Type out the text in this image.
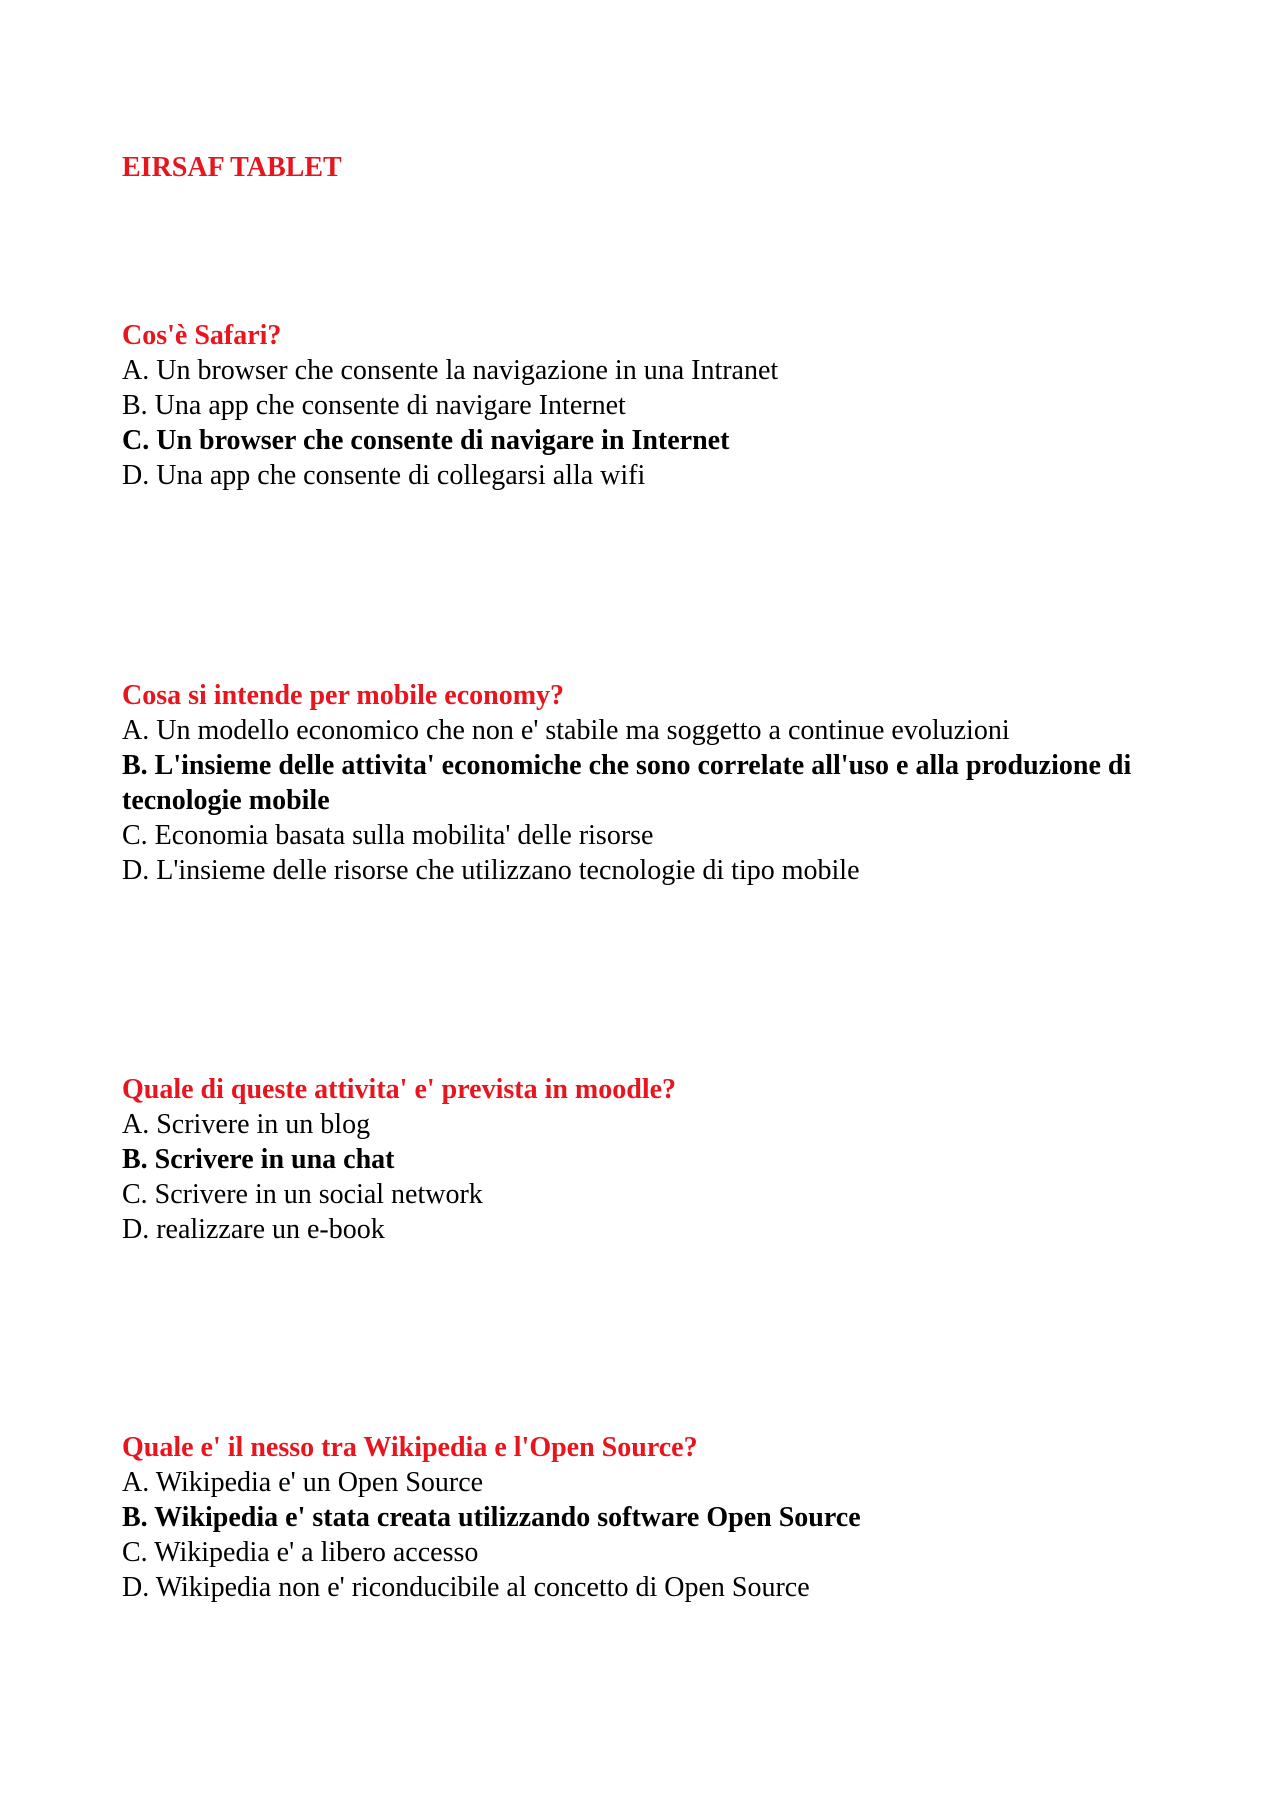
EIRSAF TABLET

Cos'è Safari?

A. Un browser che consente la navigazione in una Intranet

B. Una app che consente di navigare Internet

C. Un browser che consente di navigare in Internet

D. Una app che consente di collegarsi alla wifi

Cosa si intende per mobile economy?

A. Un modello economico che non e' stabile ma soggetto a continue evoluzioni

B. L'insieme delle attivita' economiche che sono correlate all'uso e alla produzione di tecnologie mobile

C. Economia basata sulla mobilita' delle risorse

D. L'insieme delle risorse che utilizzano tecnologie di tipo mobile

Quale di queste attivita' e' prevista in moodle?

A. Scrivere in un blog

B. Scrivere in una chat

C. Scrivere in un social network

D. realizzare un e-book

Quale e' il nesso tra Wikipedia e l'Open Source?

A. Wikipedia e' un Open Source

B. Wikipedia e' stata creata utilizzando software Open Source

C. Wikipedia e' a libero accesso

D. Wikipedia non e' riconducibile al concetto di Open Source
